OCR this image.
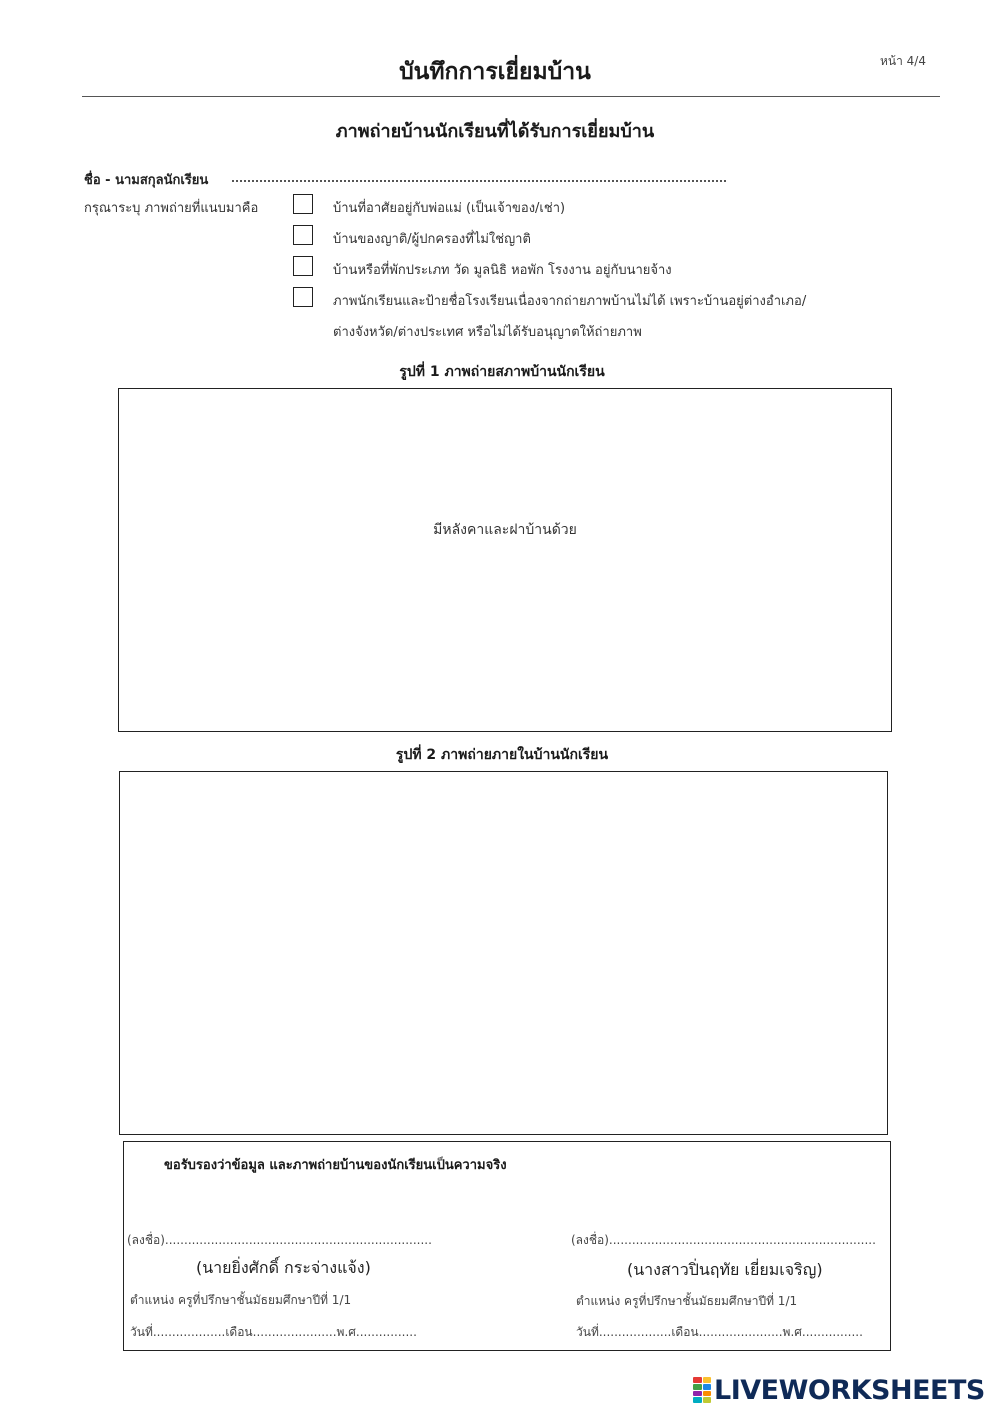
บันทึกการเยี่ยมบ้าน	หน้า 4/4
ภาพถ่ายบ้านนักเรียนที่ได้รับการเยี่ยมบ้าน
ชื่อ - นามสกุลนักเรียน
กรุณาระบุ ภาพถ่ายที่แนบมาคือ	บ้านที่อาศัยอยู่กับพ่อแม่ (เป็นเจ้าของ/เช่า)
บ้านของญาติ/ผู้ปกครองที่ไม่ใช่ญาติ
บ้านหรือที่พักประเภท วัด มูลนิธิ หอพัก โรงงาน อยู่กับนายจ้าง
ภาพนักเรียนและป้ายชื่อโรงเรียนเนื่องจากถ่ายภาพบ้านไม่ได้ เพราะบ้านอยู่ต่างอำเภอ/
ต่างจังหวัด/ต่างประเทศ หรือไม่ได้รับอนุญาตให้ถ่ายภาพ
รูปที่ 1 ภาพถ่ายสภาพบ้านนักเรียน
มีหลังคาและฝาบ้านด้วย
รูปที่ 2 ภาพถ่ายภายในบ้านนักเรียน
ขอรับรองว่าข้อมูล และภาพถ่ายบ้านของนักเรียนเป็นความจริง
(ลงชื่อ)......................................................................
(นายยิ่งศักดิ์ กระจ่างแจ้ง)
ตำแหน่ง ครูที่ปรึกษาชั้นมัธยมศึกษาปีที่ 1/1
วันที่...................เดือน......................พ.ศ................
(ลงชื่อ)......................................................................
(นางสาวปิ่นฤทัย เยี่ยมเจริญ)
ตำแหน่ง ครูที่ปรึกษาชั้นมัธยมศึกษาปีที่ 1/1
วันที่...................เดือน......................พ.ศ................
LIVEWORKSHEETS
